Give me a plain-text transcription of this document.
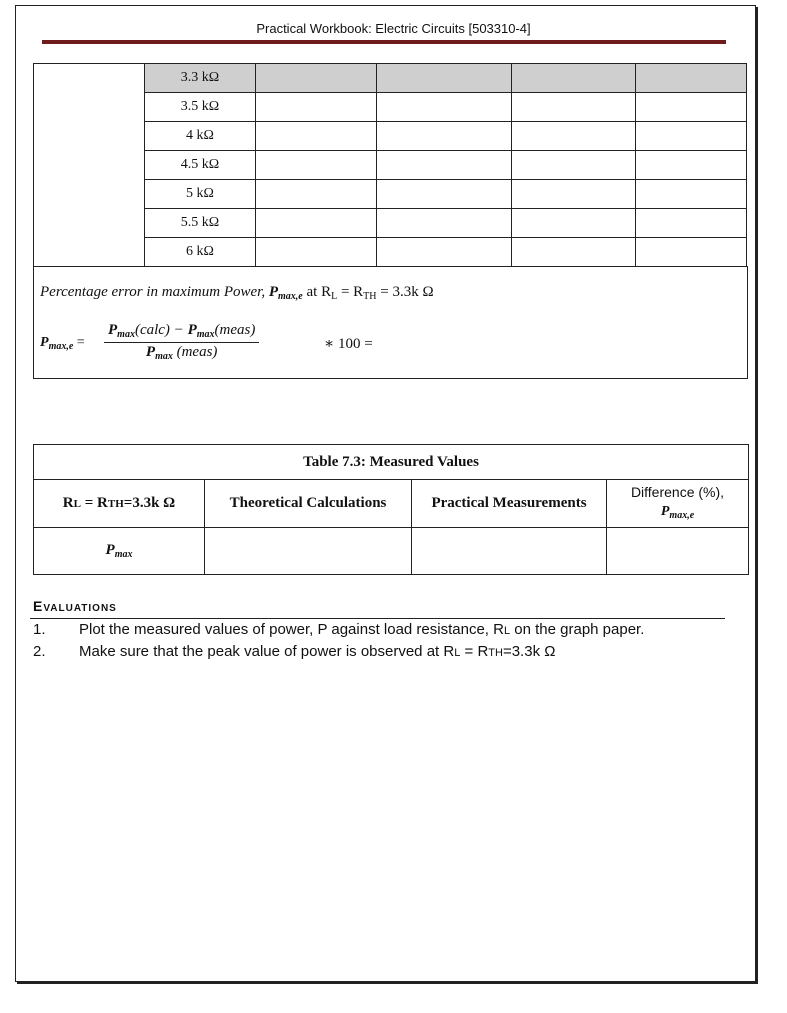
Practical Workbook: Electric Circuits [503310-4]
	3.3 kΩ				
	3.5 kΩ				
	4 kΩ				
	4.5 kΩ				
	5 kΩ				
	5.5 kΩ				
	6 kΩ				
Percentage error in maximum Power, $P_{max,e}$ at $R_L = R_{TH} = 3.3k$ Ω
$P_{max,e}$ =
$P_{max}(calc)$ − $P_{max}(meas)$
$P_{max}$ (meas)	∗ 100 =
Table 7.3: Measured Values			
RL = RTH=3.3k Ω	Theoretical Calculations	Practical Measurements	Difference (%),
$P_{max,e}$

$P_{max}$			
Evaluations
1. Plot the measured values of power, P against load resistance, RL on the graph paper.
2. Make sure that the peak value of power is observed at RL = RTH=3.3k Ω
